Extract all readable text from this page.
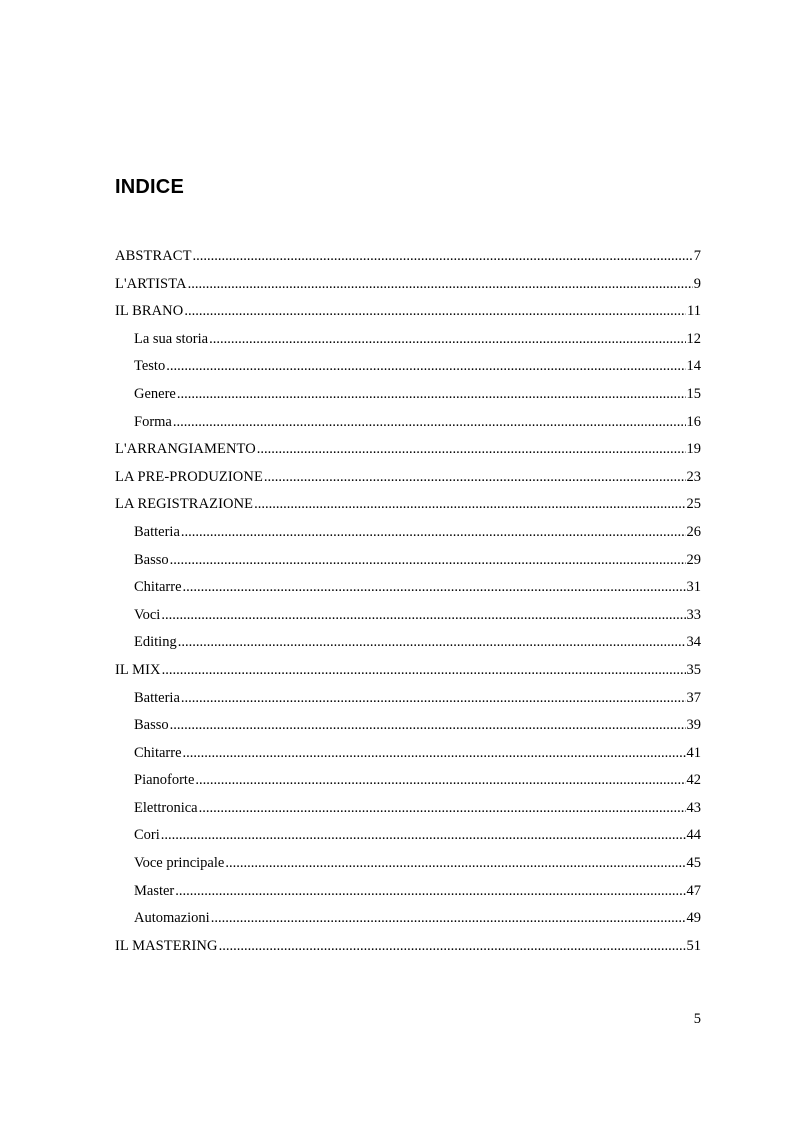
INDICE
ABSTRACT .....	7
L'ARTISTA .....	9
IL BRANO .....	11
La sua storia .....	12
Testo .....	14
Genere .....	15
Forma .....	16
L'ARRANGIAMENTO .....	19
LA PRE-PRODUZIONE .....	23
LA REGISTRAZIONE .....	25
Batteria .....	26
Basso .....	29
Chitarre .....	31
Voci .....	33
Editing .....	34
IL MIX .....	35
Batteria .....	37
Basso .....	39
Chitarre .....	41
Pianoforte .....	42
Elettronica .....	43
Cori .....	44
Voce principale .....	45
Master .....	47
Automazioni .....	49
IL MASTERING .....	51
5
